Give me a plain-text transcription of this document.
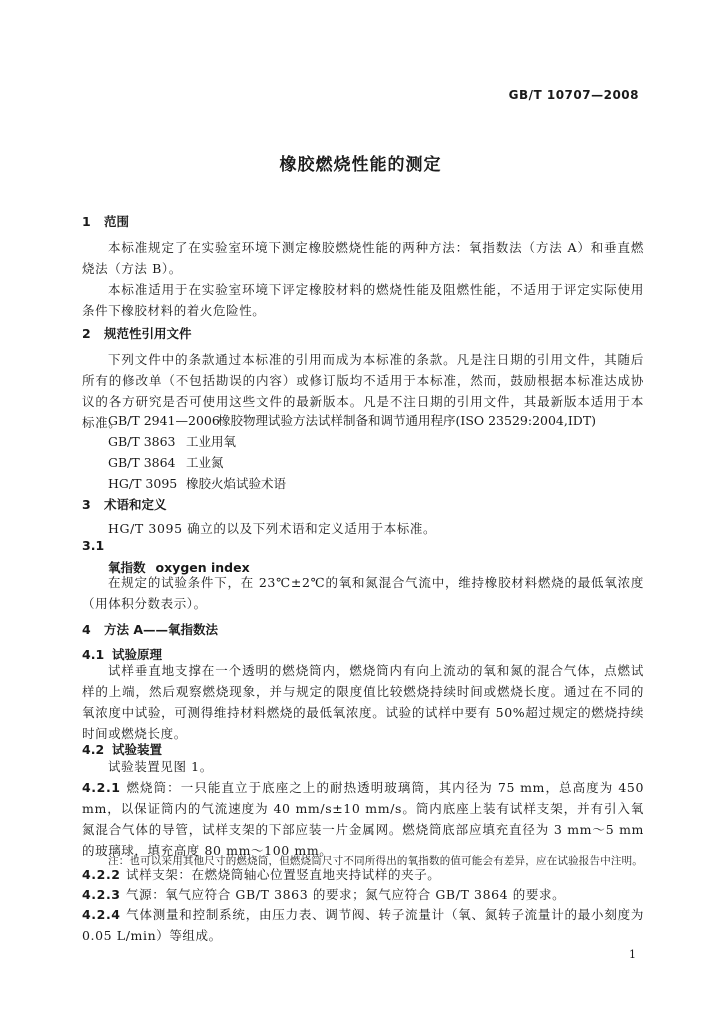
GB/T 10707—2008
橡胶燃烧性能的测定
1 范围
本标准规定了在实验室环境下测定橡胶燃烧性能的两种方法：氧指数法（方法 A）和垂直燃烧法（方法 B）。
本标准适用于在实验室环境下评定橡胶材料的燃烧性能及阻燃性能，不适用于评定实际使用条件下橡胶材料的着火危险性。
2 规范性引用文件
下列文件中的条款通过本标准的引用而成为本标准的条款。凡是注日期的引用文件，其随后所有的修改单（不包括勘误的内容）或修订版均不适用于本标准，然而，鼓励根据本标准达成协议的各方研究是否可使用这些文件的最新版本。凡是不注日期的引用文件，其最新版本适用于本标准。
GB/T 2941—2006橡胶物理试验方法试样制备和调节通用程序(ISO 23529:2004,IDT)
GB/T 3863 工业用氧
GB/T 3864 工业氮
HG/T 3095 橡胶火焰试验术语
3 术语和定义
HG/T 3095 确立的以及下列术语和定义适用于本标准。
3.1
氧指数 oxygen index
在规定的试验条件下，在 23℃±2℃的氧和氮混合气流中，维持橡胶材料燃烧的最低氧浓度（用体积分数表示）。
4 方法 A——氧指数法
4.1 试验原理
试样垂直地支撑在一个透明的燃烧筒内，燃烧筒内有向上流动的氧和氮的混合气体，点燃试样的上端，然后观察燃烧现象，并与规定的限度值比较燃烧持续时间或燃烧长度。通过在不同的氧浓度中试验，可测得维持材料燃烧的最低氧浓度。试验的试样中要有 50%超过规定的燃烧持续时间或燃烧长度。
4.2 试验装置
试验装置见图 1。
4.2.1 燃烧筒：一只能直立于底座之上的耐热透明玻璃筒，其内径为 75 mm，总高度为 450 mm，以保证筒内的气流速度为 40 mm/s±10 mm/s。筒内底座上装有试样支架，并有引入氧氮混合气体的导管，试样支架的下部应装一片金属网。燃烧筒底部应填充直径为 3 mm～5 mm 的玻璃球，填充高度 80 mm～100 mm。
注：也可以采用其他尺寸的燃烧筒，但燃烧筒尺寸不同所得出的氧指数的值可能会有差异，应在试验报告中注明。
4.2.2 试样支架：在燃烧筒轴心位置竖直地夹持试样的夹子。
4.2.3 气源：氧气应符合 GB/T 3863 的要求；氮气应符合 GB/T 3864 的要求。
4.2.4 气体测量和控制系统，由压力表、调节阀、转子流量计（氧、氮转子流量计的最小刻度为 0.05 L/min）等组成。
1
